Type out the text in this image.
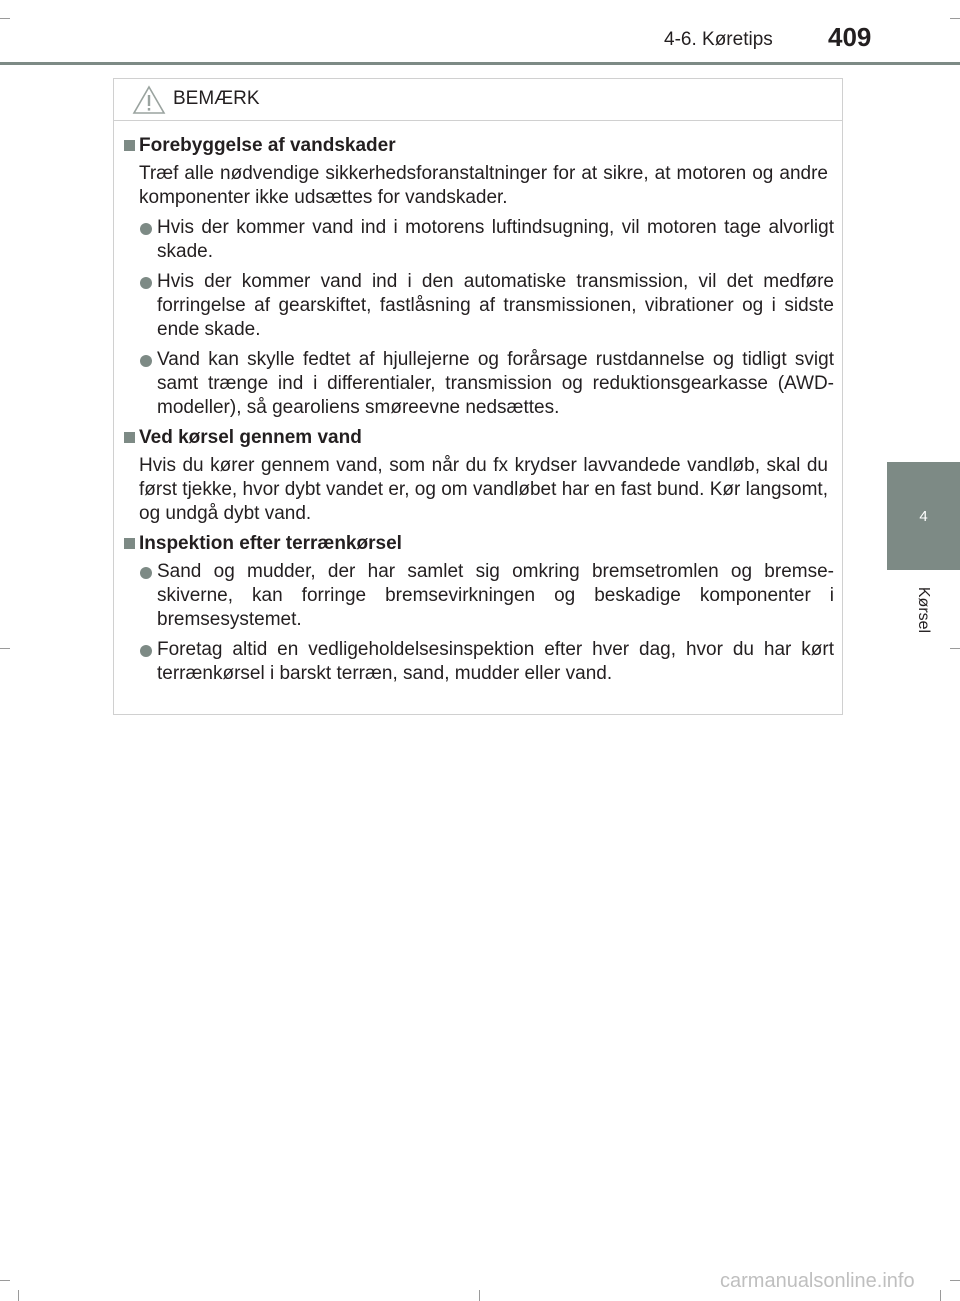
4-6. Køretips 409
4
Kørsel
BEMÆRK
Forebyggelse af vandskader
Træf alle nødvendige sikkerhedsforanstaltninger for at sikre, at motoren og andre komponenter ikke udsættes for vandskader.
Hvis der kommer vand ind i motorens luftindsugning, vil motoren tage alvorligt skade.
Hvis der kommer vand ind i den automatiske transmission, vil det medføre forringelse af gearskiftet, fastlåsning af transmissionen, vibrationer og i sidste ende skade.
Vand kan skylle fedtet af hjullejerne og forårsage rustdannelse og tidligt svigt samt trænge ind i differentialer, transmission og reduktionsgearkasse (AWD-modeller), så gearoliens smøreevne nedsættes.
Ved kørsel gennem vand
Hvis du kører gennem vand, som når du fx krydser lavvandede vandløb, skal du først tjekke, hvor dybt vandet er, og om vandløbet har en fast bund. Kør langsomt, og undgå dybt vand.
Inspektion efter terrænkørsel
Sand og mudder, der har samlet sig omkring bremsetromlen og bremse-skiverne, kan forringe bremsevirkningen og beskadige komponenter i bremsesystemet.
Foretag altid en vedligeholdelsesinspektion efter hver dag, hvor du har kørt terrænkørsel i barskt terræn, sand, mudder eller vand.
carmanualsonline.info
